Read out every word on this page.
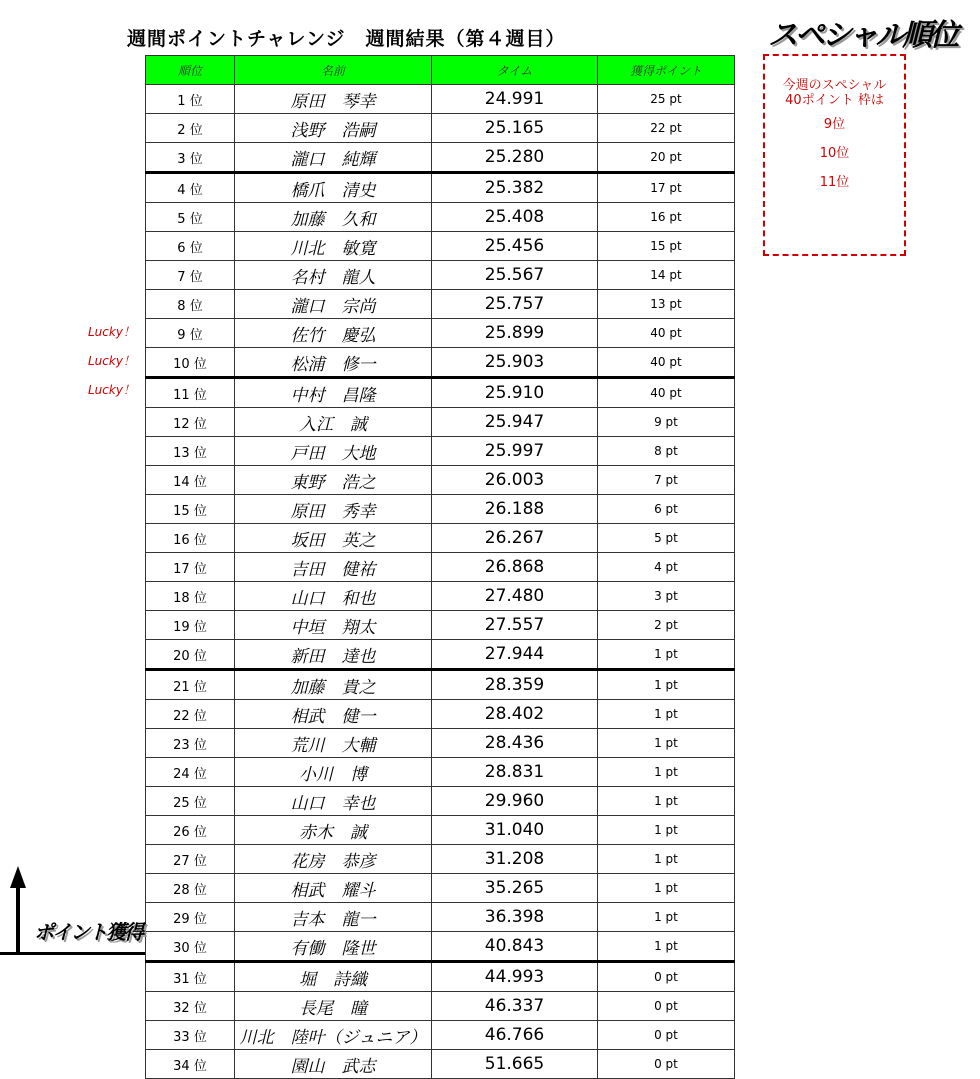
週間ポイントチャレンジ　週間結果（第４週目）	スペシャル順位
今週のスペシャル
40ポイント 枠は
9位
10位
11位
順位	名前	タイム	獲得ポイント
1 位	原田　琴幸	24.991	25 pt
2 位	浅野　浩嗣	25.165	22 pt
3 位	瀧口　純輝	25.280	20 pt
4 位	橋爪　清史	25.382	17 pt
5 位	加藤　久和	25.408	16 pt
6 位	川北　敏寛	25.456	15 pt
7 位	名村　龍人	25.567	14 pt
8 位	瀧口　宗尚	25.757	13 pt
9 位	佐竹　慶弘	25.899	40 pt
10 位	松浦　修一	25.903	40 pt
11 位	中村　昌隆	25.910	40 pt
12 位	入江　誠	25.947	9 pt
13 位	戸田　大地	25.997	8 pt
14 位	東野　浩之	26.003	7 pt
15 位	原田　秀幸	26.188	6 pt
16 位	坂田　英之	26.267	5 pt
17 位	吉田　健祐	26.868	4 pt
18 位	山口　和也	27.480	3 pt
19 位	中垣　翔太	27.557	2 pt
20 位	新田　達也	27.944	1 pt
21 位	加藤　貴之	28.359	1 pt
22 位	相武　健一	28.402	1 pt
23 位	荒川　大輔	28.436	1 pt
24 位	小川　博	28.831	1 pt
25 位	山口　幸也	29.960	1 pt
26 位	赤木　誠	31.040	1 pt
27 位	花房　恭彦	31.208	1 pt
28 位	相武　耀斗	35.265	1 pt
29 位	吉本　龍一	36.398	1 pt
30 位	有働　隆世	40.843	1 pt
31 位	堀　詩織	44.993	0 pt
32 位	長尾　瞳	46.337	0 pt
33 位	川北　陸叶（ジュニア）	46.766	0 pt
34 位	園山　武志	51.665	0 pt
Lucky！
Lucky！
Lucky！
ポイント獲得
